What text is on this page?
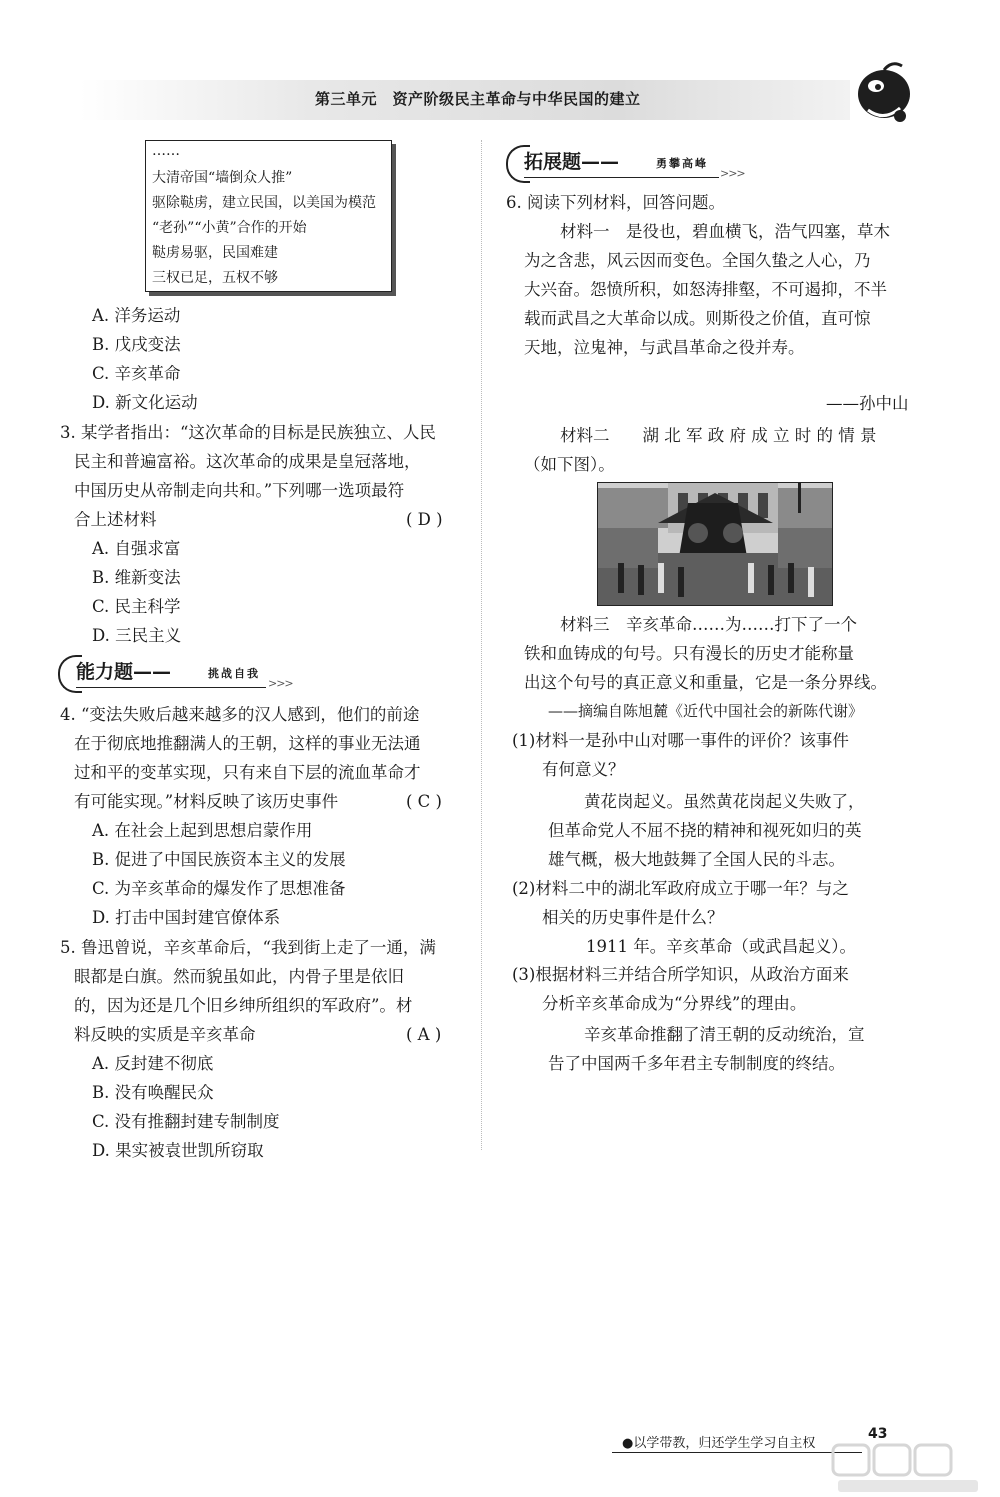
第三单元　资产阶级民主革命与中华民国的建立
……
大清帝国“墙倒众人推”
驱除鞑虏，建立民国，以美国为模范
“老孙”“小黄”合作的开始
鞑虏易驱，民国难建
三权已足，五权不够
A. 洋务运动
B. 戊戌变法
C. 辛亥革命
D. 新文化运动
3. 某学者指出：“这次革命的目标是民族独立、人民
民主和普遍富裕。这次革命的成果是皇冠落地，
中国历史从帝制走向共和。”下列哪一选项最符
合上述材料	( D )
A. 自强求富
B. 维新变法
C. 民主科学
D. 三民主义
能力题——	挑战自我
>>>
4. “变法失败后越来越多的汉人感到，他们的前途
在于彻底地推翻满人的王朝，这样的事业无法通
过和平的变革实现，只有来自下层的流血革命才
有可能实现。”材料反映了该历史事件	( C )
A. 在社会上起到思想启蒙作用
B. 促进了中国民族资本主义的发展
C. 为辛亥革命的爆发作了思想准备
D. 打击中国封建官僚体系
5. 鲁迅曾说，辛亥革命后，“我到街上走了一通，满
眼都是白旗。然而貌虽如此，内骨子里是依旧
的，因为还是几个旧乡绅所组织的军政府”。材
料反映的实质是辛亥革命	( A )
A. 反封建不彻底
B. 没有唤醒民众
C. 没有推翻封建专制制度
D. 果实被袁世凯所窃取
拓展题——	勇攀高峰
>>>
6. 阅读下列材料，回答问题。
材料一　是役也，碧血横飞，浩气四塞，草木
为之含悲，风云因而变色。全国久蛰之人心，乃
大兴奋。怨愤所积，如怒涛排壑，不可遏抑，不半
载而武昌之大革命以成。则斯役之价值，直可惊
天地，泣鬼神，与武昌革命之役并寿。
——孙中山
材料二　　湖 北 军 政 府 成 立 时 的 情 景
（如下图）。
材料三　辛亥革命……为……打下了一个
铁和血铸成的句号。只有漫长的历史才能称量
出这个句号的真正意义和重量，它是一条分界线。
——摘编自陈旭麓《近代中国社会的新陈代谢》
(1)材料一是孙中山对哪一事件的评价？该事件
有何意义？
黄花岗起义。虽然黄花岗起义失败了，
但革命党人不屈不挠的精神和视死如归的英
雄气概，极大地鼓舞了全国人民的斗志。
(2)材料二中的湖北军政府成立于哪一年？与之
相关的历史事件是什么？
1911 年。辛亥革命（或武昌起义）。
(3)根据材料三并结合所学知识，从政治方面来
分析辛亥革命成为“分界线”的理由。
辛亥革命推翻了清王朝的反动统治，宣
告了中国两千多年君主专制制度的终结。
●以学带教，归还学生学习自主权
43
